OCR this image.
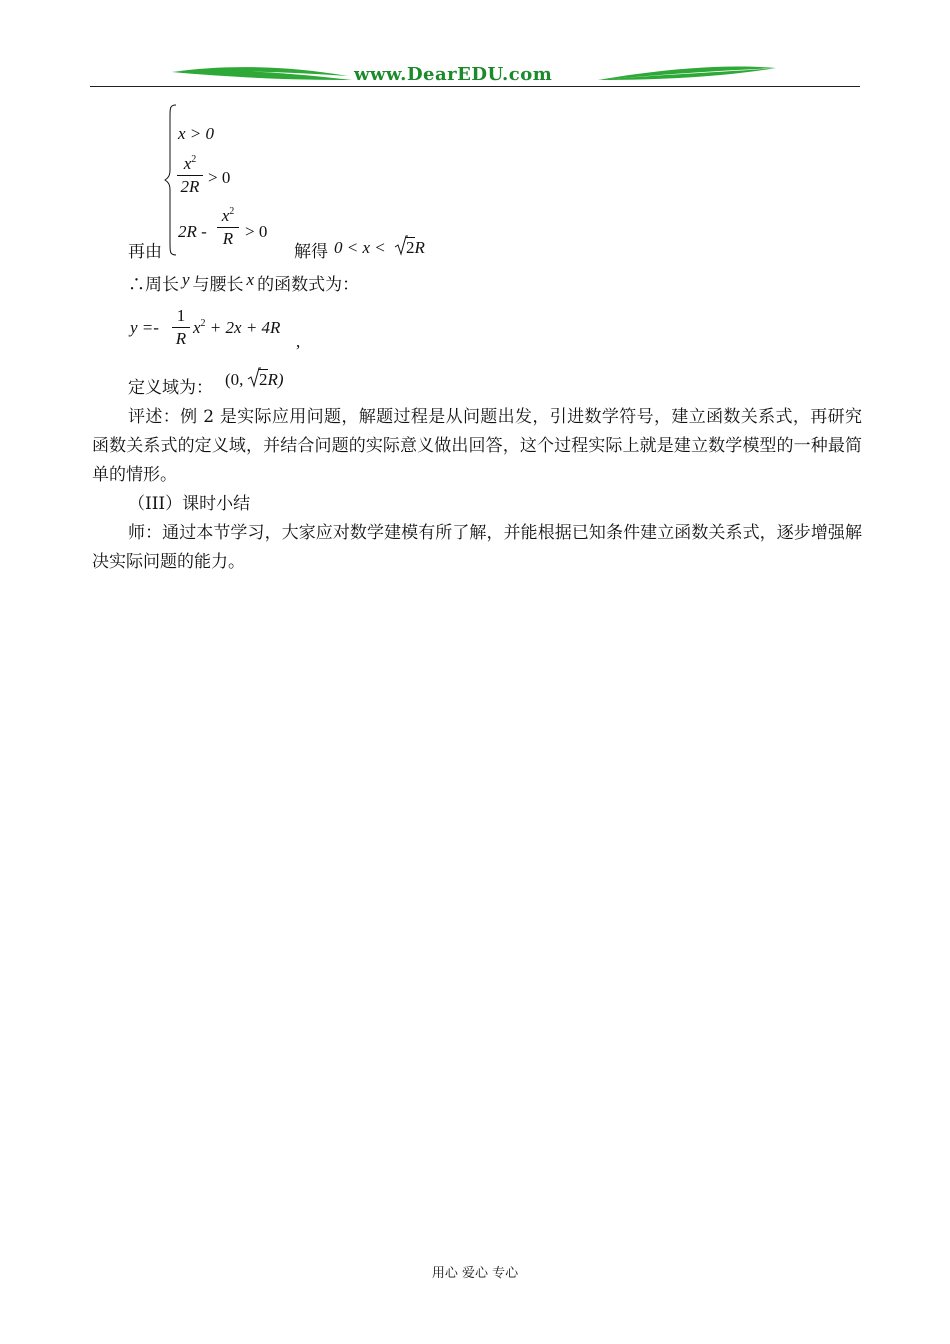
www.DearEDU.com
x > 0
$x^2$
2R > 0
2R -
$x^2$
R > 0
再由	解得 0 < x < 2R
∴周长 y 与腰长 x 的函数式为：
y =-
1
R
$x^2 + 2x + 4R$
,
定义域为： (0, 2R)
评述：例 2 是实际应用问题，解题过程是从问题出发，引进数学符号，建立函数关系式，再研究函数关系式的定义域，并结合问题的实际意义做出回答，这个过程实际上就是建立数学模型的一种最简单的情形。
（III）课时小结
师：通过本节学习，大家应对数学建模有所了解，并能根据已知条件建立函数关系式，逐步增强解决实际问题的能力。
用心 爱心 专心
